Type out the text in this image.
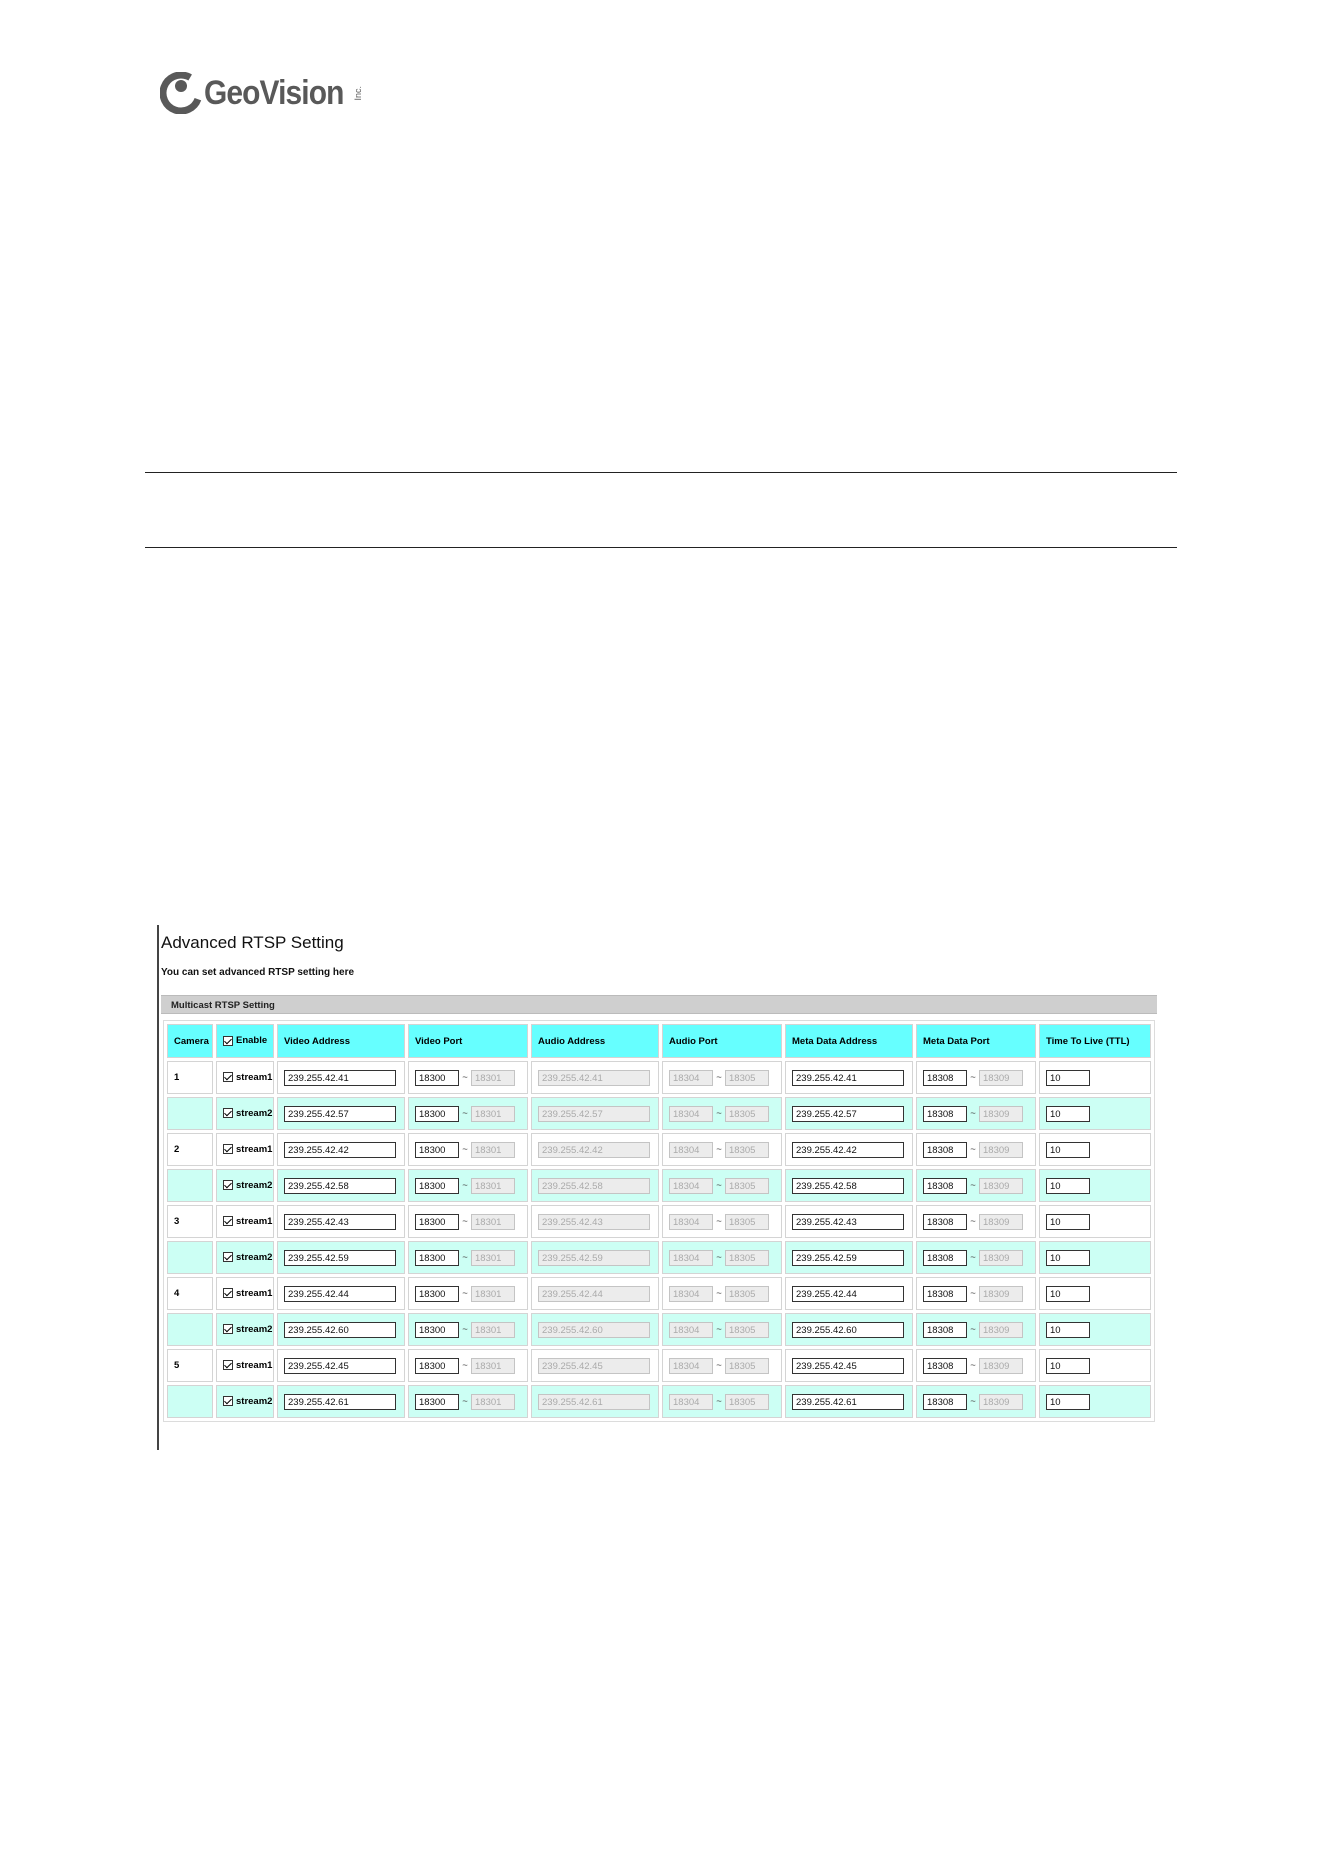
GeoVision Inc.
Advanced RTSP Setting
You can set advanced RTSP setting here
Multicast RTSP Setting
Camera	Enable	Video Address	Video Port	Audio Address	Audio Port	Meta Data Address	Meta Data Port	Time To Live (TTL)
1	stream1	239.255.42.41	18300 ~ 18301	239.255.42.41	18304 ~ 18305	239.255.42.41	18308 ~ 18309	10
	stream2	239.255.42.57	18300 ~ 18301	239.255.42.57	18304 ~ 18305	239.255.42.57	18308 ~ 18309	10
2	stream1	239.255.42.42	18300 ~ 18301	239.255.42.42	18304 ~ 18305	239.255.42.42	18308 ~ 18309	10
	stream2	239.255.42.58	18300 ~ 18301	239.255.42.58	18304 ~ 18305	239.255.42.58	18308 ~ 18309	10
3	stream1	239.255.42.43	18300 ~ 18301	239.255.42.43	18304 ~ 18305	239.255.42.43	18308 ~ 18309	10
	stream2	239.255.42.59	18300 ~ 18301	239.255.42.59	18304 ~ 18305	239.255.42.59	18308 ~ 18309	10
4	stream1	239.255.42.44	18300 ~ 18301	239.255.42.44	18304 ~ 18305	239.255.42.44	18308 ~ 18309	10
	stream2	239.255.42.60	18300 ~ 18301	239.255.42.60	18304 ~ 18305	239.255.42.60	18308 ~ 18309	10
5	stream1	239.255.42.45	18300 ~ 18301	239.255.42.45	18304 ~ 18305	239.255.42.45	18308 ~ 18309	10
	stream2	239.255.42.61	18300 ~ 18301	239.255.42.61	18304 ~ 18305	239.255.42.61	18308 ~ 18309	10
